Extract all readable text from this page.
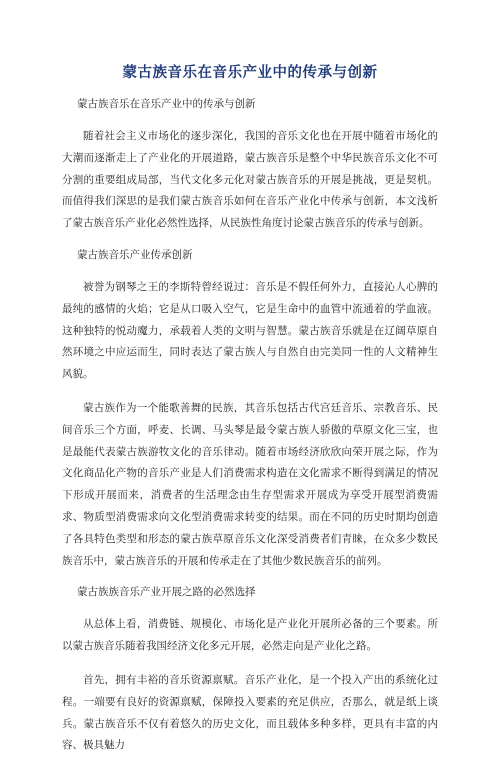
蒙古族音乐在音乐产业中的传承与创新
蒙古族音乐在音乐产业中的传承与创新
随着社会主义市场化的逐步深化，我国的音乐文化也在开展中随着市场化的大潮而逐渐走上了产业化的开展道路，蒙古族音乐是整个中华民族音乐文化不可分割的重要组成局部，当代文化多元化对蒙古族音乐的开展是挑战，更是契机。而值得我们深思的是我们蒙古族音乐如何在音乐产业化中传承与创新，本文浅析了蒙古族音乐产业化必然性选择，从民族性角度讨论蒙古族音乐的传承与创新。
蒙古族音乐产业传承创新
被誉为钢琴之王的李斯特曾经说过：音乐是不假任何外力，直接沁人心脾的最纯的感情的火焰；它是从口吸入空气，它是生命中的血管中流通着的学血液。这种独特的悦动魔力，承载着人类的文明与智慧。蒙古族音乐就是在辽阔草原自然环境之中应运而生，同时表达了蒙古族人与自然自由完美同一性的人文精神生风貌。
蒙古族作为一个能歌善舞的民族，其音乐包括古代宫廷音乐、宗教音乐、民间音乐三个方面，呼麦、长调、马头琴是最令蒙古族人骄傲的草原文化三宝，也是最能代表蒙古族游牧文化的音乐律动。随着市场经济欣欣向荣开展之际，作为文化商品化产物的音乐产业是人们消费需求构造在文化需求不断得到满足的情况下形成开展而来，消费者的生活理念由生存型需求开展成为享受开展型消费需求、物质型消费需求向文化型消费需求转变的结果。而在不同的历史时期均创造了各具特色类型和形态的蒙古族草原音乐文化深受消费者们青睐，在众多少数民族音乐中，蒙古族音乐的开展和传承走在了其他少数民族音乐的前列。
蒙古族族音乐产业开展之路的必然选择
从总体上看，消费链、规模化、市场化是产业化开展所必备的三个要素。所以蒙古族音乐随着我国经济文化多元开展，必然走向是产业化之路。
首先，拥有丰裕的音乐资源禀赋。音乐产业化，是一个投入产出的系统化过程。一端要有良好的资源禀赋，保障投入要素的充足供应，否那么，就是纸上谈兵。蒙古族音乐不仅有着悠久的历史文化，而且载体多种多样，更具有丰富的内容、极具魅力
